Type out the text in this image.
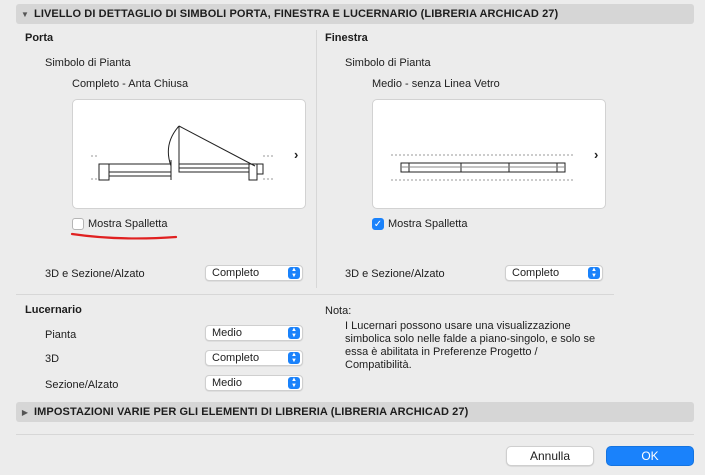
▼ LIVELLO DI DETTAGLIO DI SIMBOLI PORTA, FINESTRA E LUCERNARIO (LIBRERIA ARCHICAD 27)
Porta
Simbolo di Pianta
Completo - Anta Chiusa
›
Mostra Spalletta
3D e Sezione/Alzato	Completo	▲
▼
Finestra
Simbolo di Pianta
Medio - senza Linea Vetro
›
✓ Mostra Spalletta
3D e Sezione/Alzato	Completo	▲
▼
Lucernario
Pianta	Medio	▲
▼
3D	Completo	▲
▼
Sezione/Alzato	Medio	▲
▼
Nota:
I Lucernari possono usare una visualizzazione simbolica solo nelle falde a piano-singolo, e solo se essa è abilitata in Preferenze Progetto / Compatibilità.
▶ IMPOSTAZIONI VARIE PER GLI ELEMENTI DI LIBRERIA (LIBRERIA ARCHICAD 27)
Annulla	OK
